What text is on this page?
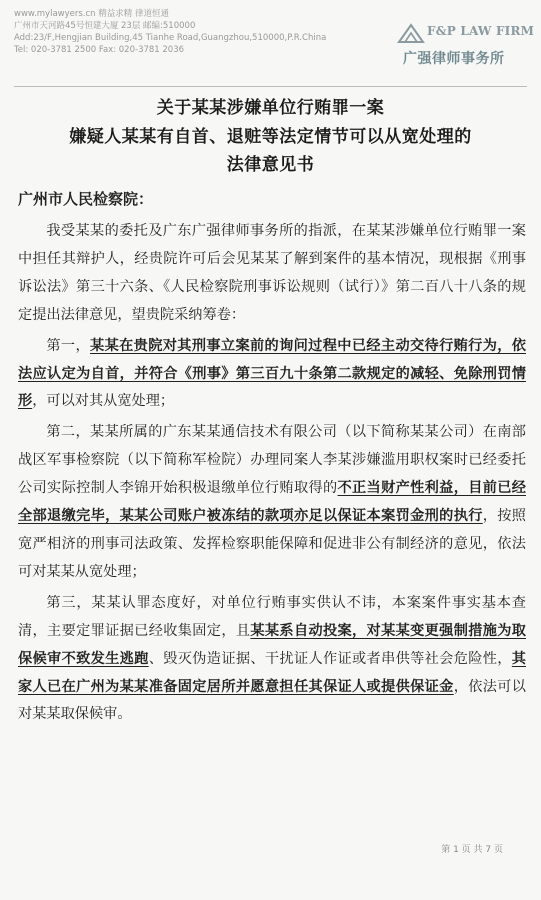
www.mylawyers.cn 精益求精 律道恒通
广州市天河路45号恒建大厦 23层 邮编:510000
Add:23/F,Hengjian Building,45 Tianhe Road,Guangzhou,510000,P.R.China
Tel: 020-3781 2500 Fax: 020-3781 2036
F&P LAW FIRM
广强律师事务所
关于某某涉嫌单位行贿罪一案
嫌疑人某某有自首、退赃等法定情节可以从宽处理的
法律意见书

广州市人民检察院：

我受某某的委托及广东广强律师事务所的指派，在某某涉嫌单位行贿罪一案中担任其辩护人，经贵院许可后会见某某了解到案件的基本情况，现根据《刑事诉讼法》第三十六条、《人民检察院刑事诉讼规则（试行）》第二百八十八条的规定提出法律意见，望贵院采纳筹卷：

第一，某某在贵院对其刑事立案前的询问过程中已经主动交待行贿行为，依法应认定为自首，并符合《刑事》第三百九十条第二款规定的减轻、免除刑罚情形，可以对其从宽处理；

第二，某某所属的广东某某通信技术有限公司（以下简称某某公司）在南部战区军事检察院（以下简称军检院）办理同案人李某涉嫌滥用职权案时已经委托公司实际控制人李锦开始积极退缴单位行贿取得的不正当财产性利益，目前已经全部退缴完毕，某某公司账户被冻结的款项亦足以保证本案罚金刑的执行，按照宽严相济的刑事司法政策、发挥检察职能保障和促进非公有制经济的意见，依法可对某某从宽处理；

第三，某某认罪态度好，对单位行贿事实供认不讳，本案案件事实基本查清，主要定罪证据已经收集固定，且某某系自动投案，对某某变更强制措施为取保候审不致发生逃跑、毁灭伪造证据、干扰证人作证或者串供等社会危险性，其家人已在广州为某某准备固定居所并愿意担任其保证人或提供保证金，依法可以对某某取保候审。

第 1 页 共 7 页
